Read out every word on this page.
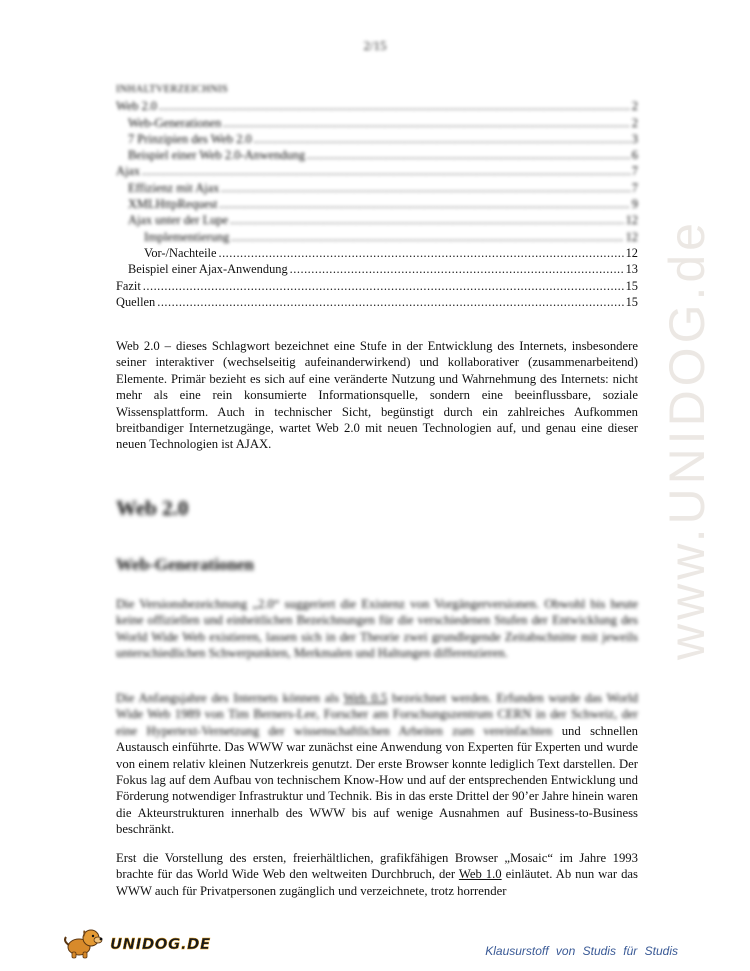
www.UNIDOG.de
2/15
INHALTVERZEICHNIS
Web 2.0 .....	2
Web-Generationen .....	2
7 Prinzipien des Web 2.0 .....	3
Beispiel einer Web 2.0-Anwendung .....	6
Ajax .....	7
Effizienz mit Ajax .....	7
XMLHttpRequest .....	9
Ajax unter der Lupe .....	12
Implementierung .....	12
Vor-/Nachteile .....	12
Beispiel einer Ajax-Anwendung .....	13
Fazit .....	15
Quellen .....	15
Web 2.0 – dieses Schlagwort bezeichnet eine Stufe in der Entwicklung des Internets, insbesondere seiner interaktiver (wechselseitig aufeinanderwirkend) und kollaborativer (zusammenarbeitend) Elemente. Primär bezieht es sich auf eine veränderte Nutzung und Wahrnehmung des Internets: nicht mehr als eine rein konsumierte Informationsquelle, sondern eine beeinflussbare, soziale Wissensplattform. Auch in technischer Sicht, begünstigt durch ein zahlreiches Aufkommen breitbandiger Internetzugänge, wartet Web 2.0 mit neuen Technologien auf, und genau eine dieser neuen Technologien ist AJAX.
Web 2.0
Web-Generationen
Die Versionsbezeichnung „2.0“ suggeriert die Existenz von Vorgängerversionen. Obwohl bis heute keine offiziellen und einheitlichen Bezeichnungen für die verschiedenen Stufen der Entwicklung des World Wide Web existieren, lassen sich in der Theorie zwei grundlegende Zeitabschnitte mit jeweils unterschiedlichen Schwerpunkten, Merkmalen und Haltungen differenzieren.
Die Anfangsjahre des Internets können als Web 0.5 bezeichnet werden. Erfunden wurde das World Wide Web 1989 von Tim Berners-Lee, Forscher am Forschungszentrum CERN in der Schweiz, der eine Hypertext-Vernetzung der wissenschaftlichen Arbeiten zum vereinfachten und schnellen Austausch einführte. Das WWW war zunächst eine Anwendung von Experten für Experten und wurde von einem relativ kleinen Nutzerkreis genutzt. Der erste Browser konnte lediglich Text darstellen. Der Fokus lag auf dem Aufbau von technischem Know-How und auf der entsprechenden Entwicklung und Förderung notwendiger Infrastruktur und Technik. Bis in das erste Drittel der 90’er Jahre hinein waren die Akteurstrukturen innerhalb des WWW bis auf wenige Ausnahmen auf Business-to-Business beschränkt.
Erst die Vorstellung des ersten, freierhältlichen, grafikfähigen Browser „Mosaic“ im Jahre 1993 brachte für das World Wide Web den weltweiten Durchbruch, der Web 1.0 einläutet. Ab nun war das WWW auch für Privatpersonen zugänglich und verzeichnete, trotz horrender
UNIDOG.DE	Klausurstoff von Studis für Studis
